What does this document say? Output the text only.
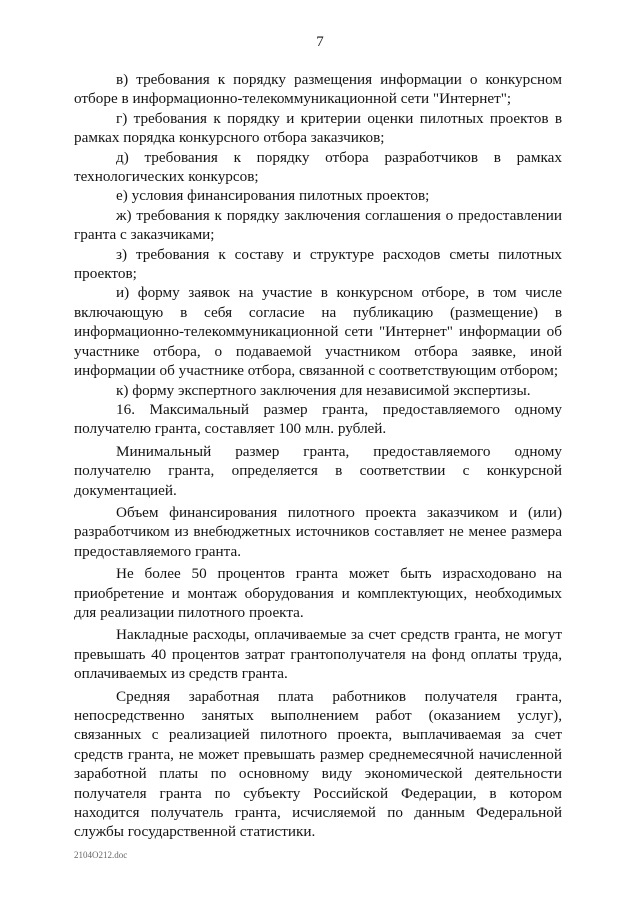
7

в) требования к порядку размещения информации о конкурсном отборе в информационно-телекоммуникационной сети "Интернет";

г) требования к порядку и критерии оценки пилотных проектов в рамках порядка конкурсного отбора заказчиков;

д) требования к порядку отбора разработчиков в рамках технологических конкурсов;

е) условия финансирования пилотных проектов;

ж) требования к порядку заключения соглашения о предоставлении гранта с заказчиками;

з) требования к составу и структуре расходов сметы пилотных проектов;

и) форму заявок на участие в конкурсном отборе, в том числе включающую в себя согласие на публикацию (размещение) в информационно-телекоммуникационной сети "Интернет" информации об участнике отбора, о подаваемой участником отбора заявке, иной информации об участнике отбора, связанной с соответствующим отбором;

к) форму экспертного заключения для независимой экспертизы.

16. Максимальный размер гранта, предоставляемого одному получателю гранта, составляет 100 млн. рублей.

Минимальный размер гранта, предоставляемого одному получателю гранта, определяется в соответствии с конкурсной документацией.

Объем финансирования пилотного проекта заказчиком и (или) разработчиком из внебюджетных источников составляет не менее размера предоставляемого гранта.

Не более 50 процентов гранта может быть израсходовано на приобретение и монтаж оборудования и комплектующих, необходимых для реализации пилотного проекта.

Накладные расходы, оплачиваемые за счет средств гранта, не могут превышать 40 процентов затрат грантополучателя на фонд оплаты труда, оплачиваемых из средств гранта.

Средняя заработная плата работников получателя гранта, непосредственно занятых выполнением работ (оказанием услуг), связанных с реализацией пилотного проекта, выплачиваемая за счет средств гранта, не может превышать размер среднемесячной начисленной заработной платы по основному виду экономической деятельности получателя гранта по субъекту Российской Федерации, в котором находится получатель гранта, исчисляемой по данным Федеральной службы государственной статистики.

2104О212.doc
